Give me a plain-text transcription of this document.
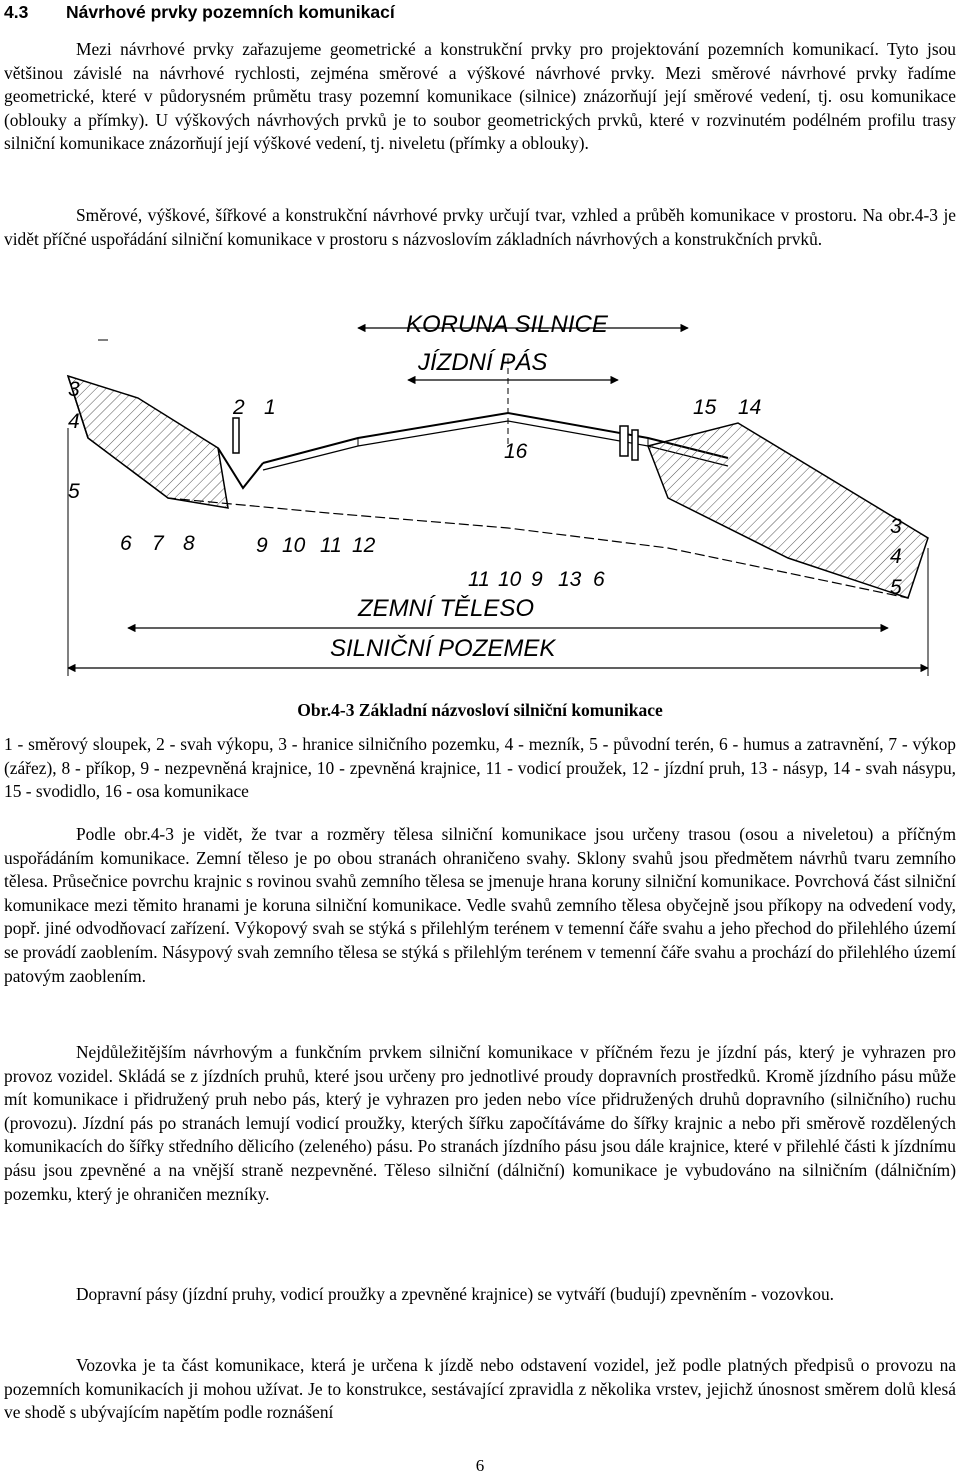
4.3 Návrhové prvky pozemních komunikací

Mezi návrhové prvky zařazujeme geometrické a konstrukční prvky pro projektování pozemních komunikací. Tyto jsou většinou závislé na návrhové rychlosti, zejména směrové a výškové návrhové prvky. Mezi směrové návrhové prvky řadíme geometrické, které v půdorysném průmětu trasy pozemní komunikace (silnice) znázorňují její směrové vedení, tj. osu komunikace (oblouky a přímky). U výškových návrhových prvků je to soubor geometrických prvků, které v rozvinutém podélném profilu trasy silniční komunikace znázorňují její výškové vedení, tj. niveletu (přímky a oblouky).

Směrové, výškové, šířkové a konstrukční návrhové prvky určují tvar, vzhled a průběh komunikace v prostoru. Na obr.4-3 je vidět příčné uspořádání silniční komunikace v prostoru s názvoslovím základních návrhových a konstrukčních prvků.

KORUNA SILNICE
JÍZDNÍ PÁS
ZEMNÍ TĚLESO
SILNIČNÍ POZEMEK
3
4
5
2 1	15 14
16
6 7 8	9 10 11 12
3
4
5
11 10 9 13 6

Obr.4-3 Základní názvosloví silniční komunikace

1 - směrový sloupek, 2 - svah výkopu, 3 - hranice silničního pozemku, 4 - mezník, 5 - původní terén, 6 - humus a zatravnění, 7 - výkop (zářez), 8 - příkop, 9 - nezpevněná krajnice, 10 - zpevněná krajnice, 11 - vodicí proužek, 12 - jízdní pruh, 13 - násyp, 14 - svah násypu, 15 - svodidlo, 16 - osa komunikace

Podle obr.4-3 je vidět, že tvar a rozměry tělesa silniční komunikace jsou určeny trasou (osou a niveletou) a příčným uspořádáním komunikace. Zemní těleso je po obou stranách ohraničeno svahy. Sklony svahů jsou předmětem návrhů tvaru zemního tělesa. Průsečnice povrchu krajnic s rovinou svahů zemního tělesa se jmenuje hrana koruny silniční komunikace. Povrchová část silniční komunikace mezi těmito hranami je koruna silniční komunikace. Vedle svahů zemního tělesa obyčejně jsou příkopy na odvedení vody, popř. jiné odvodňovací zařízení. Výkopový svah se stýká s přilehlým terénem v temenní čáře svahu a jeho přechod do přilehlého území se provádí zaoblením. Násypový svah zemního tělesa se stýká s přilehlým terénem v temenní čáře svahu a prochází do přilehlého území patovým zaoblením.

Nejdůležitějším návrhovým a funkčním prvkem silniční komunikace v příčném řezu je jízdní pás, který je vyhrazen pro provoz vozidel. Skládá se z jízdních pruhů, které jsou určeny pro jednotlivé proudy dopravních prostředků. Kromě jízdního pásu může mít komunikace i přidružený pruh nebo pás, který je vyhrazen pro jeden nebo více přidružených druhů dopravního (silničního) ruchu (provozu). Jízdní pás po stranách lemují vodicí proužky, kterých šířku započítáváme do šířky krajnic a nebo při směrově rozdělených komunikacích do šířky středního dělicího (zeleného) pásu. Po stranách jízdního pásu jsou dále krajnice, které v přilehlé části k jízdnímu pásu jsou zpevněné a na vnější straně nezpevněné. Těleso silniční (dálniční) komunikace je vybudováno na silničním (dálničním) pozemku, který je ohraničen mezníky.

Dopravní pásy (jízdní pruhy, vodicí proužky a zpevněné krajnice) se vytváří (budují) zpevněním - vozovkou.

Vozovka je ta část komunikace, která je určena k jízdě nebo odstavení vozidel, jež podle platných předpisů o provozu na pozemních komunikacích ji mohou užívat. Je to konstrukce, sestávající zpravidla z několika vrstev, jejichž únosnost směrem dolů klesá ve shodě s ubývajícím napětím podle roznášení

6
